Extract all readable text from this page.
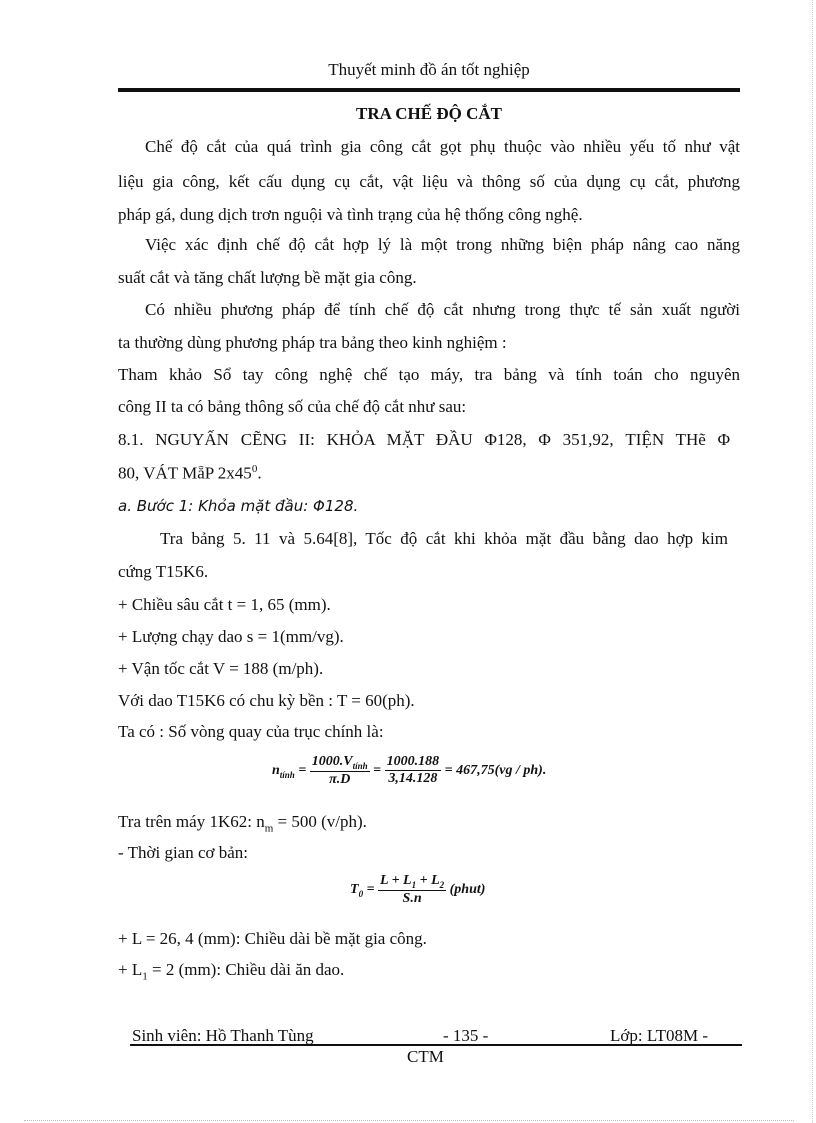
Thuyết minh đồ án tốt nghiệp
TRA CHẾ ĐỘ CẮT
Chế độ cắt của quá trình gia công cắt gọt phụ thuộc vào nhiều yếu tố như vật
liệu gia công, kết cấu dụng cụ cắt, vật liệu và thông số của dụng cụ cắt, phương
pháp gá, dung dịch trơn nguội và tình trạng của hệ thống công nghệ.
Việc xác định chế độ cắt hợp lý là một trong những biện pháp nâng cao năng
suất cắt và tăng chất lượng bề mặt gia công.
Có nhiều phương pháp để tính chế độ cắt nhưng trong thực tế sản xuất người
ta thường dùng phương pháp tra bảng theo kinh nghiệm :
Tham khảo Sổ tay công nghệ chế tạo máy, tra bảng và tính toán cho nguyên
công II ta có bảng thông số của chế độ cắt như sau:
8.1. NGUYẤN CẼNG II: KHỎA MẶT ĐẦU Φ128, Φ 351,92, TIỆN THẽ Φ
80, VÁT MẵP $2x45^0$.
a. Bước 1: Khỏa mặt đầu: Φ128.
Tra bảng 5. 11 và 5.64[8], Tốc độ cắt khi khỏa mặt đầu bằng dao hợp kim
cứng T15K6.
+ Chiều sâu cắt t = 1, 65 (mm).
+ Lượng chạy dao s = 1(mm/vg).
+ Vận tốc cắt V = 188 (m/ph).
Với dao T15K6 có chu kỳ bền : T = 60(ph).
Ta có : Số vòng quay của trục chính là:
$n_{tính} = \frac{1000.V_{tính}}{\pi.D} = \frac{1000.188}{3,14.128} = 467,75(vg / ph)$.
Tra trên máy 1K62: $n_m = 500$ (v/ph).
- Thời gian cơ bản:
$T_0 = \frac{L + L_1 + L_2}{S.n}$ (phut)
+ L = 26, 4 (mm): Chiều dài bề mặt gia công.
+ $L_1 = 2$ (mm): Chiều dài ăn dao.
Sinh viên: Hồ Thanh Tùng	- 135 -	Lớp: LT08M -
CTM
